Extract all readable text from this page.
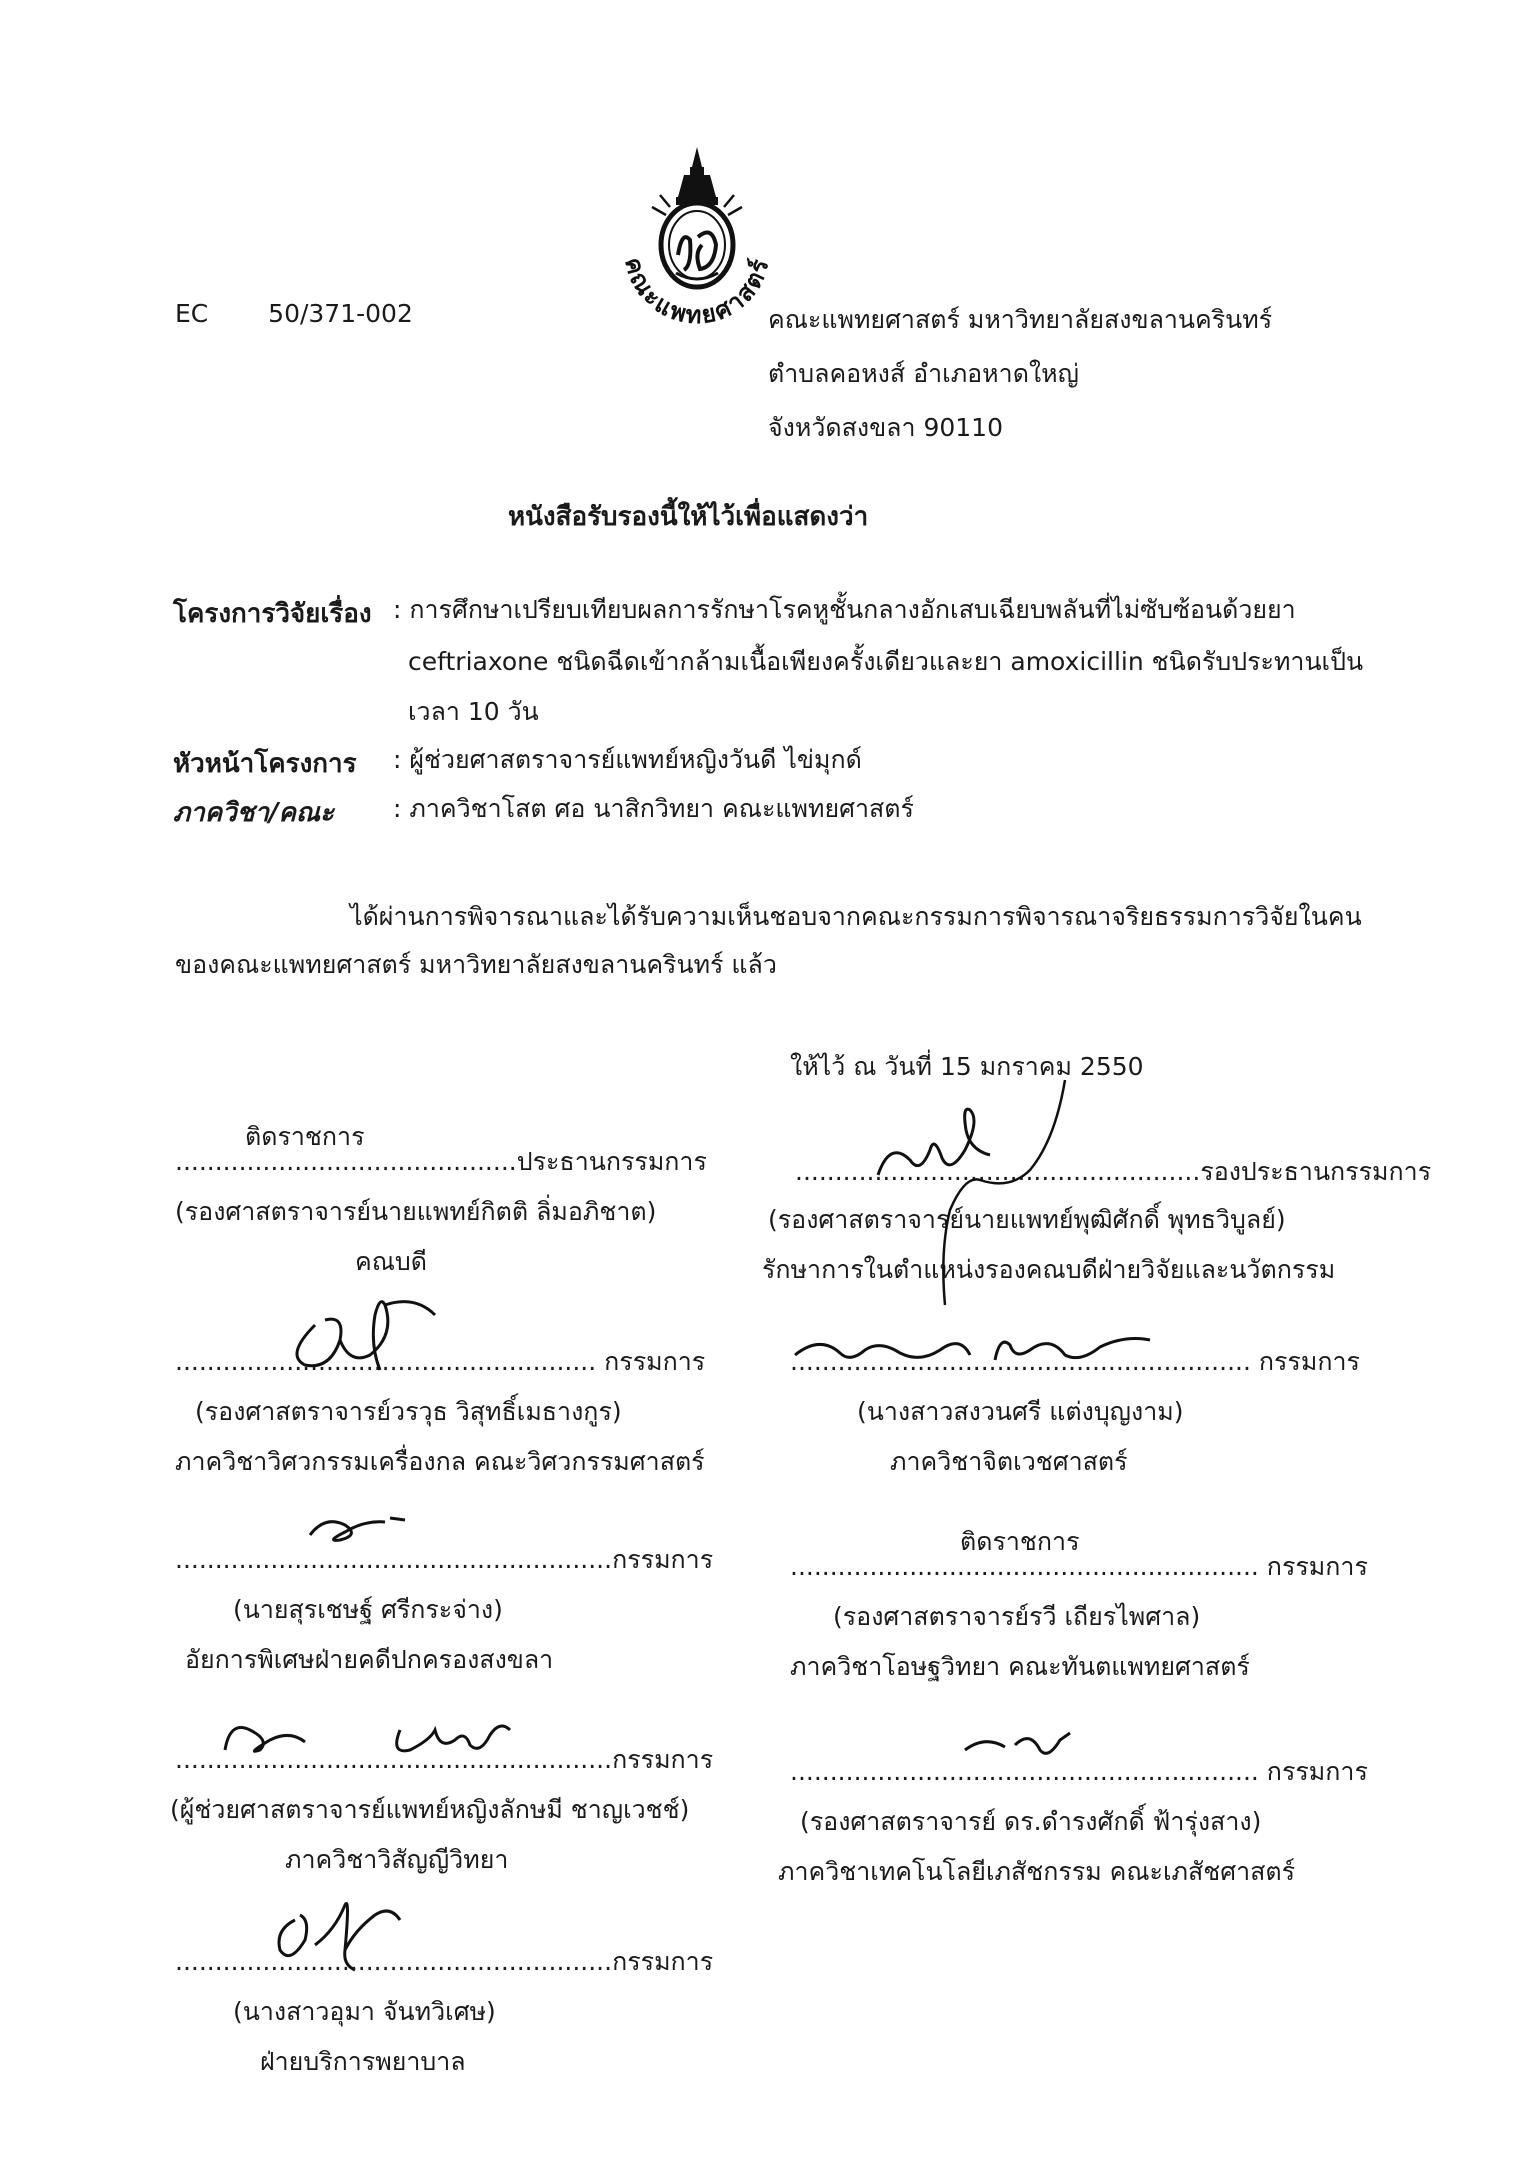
คณะแพทยศาสตร์
EC 50/371-002	คณะแพทยศาสตร์ มหาวิทยาลัยสงขลานครินทร์
ตำบลคอหงส์ อำเภอหาดใหญ่
จังหวัดสงขลา 90110
หนังสือรับรองนี้ให้ไว้เพื่อแสดงว่า
โครงการวิจัยเรื่อง : การศึกษาเปรียบเทียบผลการรักษาโรคหูชั้นกลางอักเสบเฉียบพลันที่ไม่ซับซ้อนด้วยยา
ceftriaxone ชนิดฉีดเข้ากล้ามเนื้อเพียงครั้งเดียวและยา amoxicillin ชนิดรับประทานเป็น
เวลา 10 วัน
หัวหน้าโครงการ : ผู้ช่วยศาสตราจารย์แพทย์หญิงวันดี ไข่มุกด์
ภาควิชา/คณะ : ภาควิชาโสต ศอ นาสิกวิทยา คณะแพทยศาสตร์
ได้ผ่านการพิจารณาและได้รับความเห็นชอบจากคณะกรรมการพิจารณาจริยธรรมการวิจัยในคน
ของคณะแพทยศาสตร์ มหาวิทยาลัยสงขลานครินทร์ แล้ว
ให้ไว้ ณ วันที่ 15 มกราคม 2550
ติดราชการ
...........................................ประธานกรรมการ
(รองศาสตราจารย์นายแพทย์กิตติ ลิ่มอภิชาต)
คณบดี
...................................................รองประธานกรรมการ
(รองศาสตราจารย์นายแพทย์พุฒิศักดิ์ พุทธวิบูลย์)
รักษาการในตำแหน่งรองคณบดีฝ่ายวิจัยและนวัตกรรม
..................................................... กรรมการ
(รองศาสตราจารย์วรวุธ วิสุทธิ์เมธางกูร)
ภาควิชาวิศวกรรมเครื่องกล คณะวิศวกรรมศาสตร์
.......................................................... กรรมการ
(นางสาวสงวนศรี แต่งบุญงาม)
ภาควิชาจิตเวชศาสตร์
.......................................................กรรมการ
(นายสุรเชษฐ์ ศรีกระจ่าง)
อัยการพิเศษฝ่ายคดีปกครองสงขลา
ติดราชการ
........................................................... กรรมการ
(รองศาสตราจารย์รวี เถียรไพศาล)
ภาควิชาโอษฐวิทยา คณะทันตแพทยศาสตร์
.......................................................กรรมการ
(ผู้ช่วยศาสตราจารย์แพทย์หญิงลักษมี ชาญเวชช์)
ภาควิชาวิสัญญีวิทยา
........................................................... กรรมการ
(รองศาสตราจารย์ ดร.ดำรงศักดิ์ ฟ้ารุ่งสาง)
ภาควิชาเทคโนโลยีเภสัชกรรม คณะเภสัชศาสตร์
.......................................................กรรมการ
(นางสาวอุมา จันทวิเศษ)
ฝ่ายบริการพยาบาล
